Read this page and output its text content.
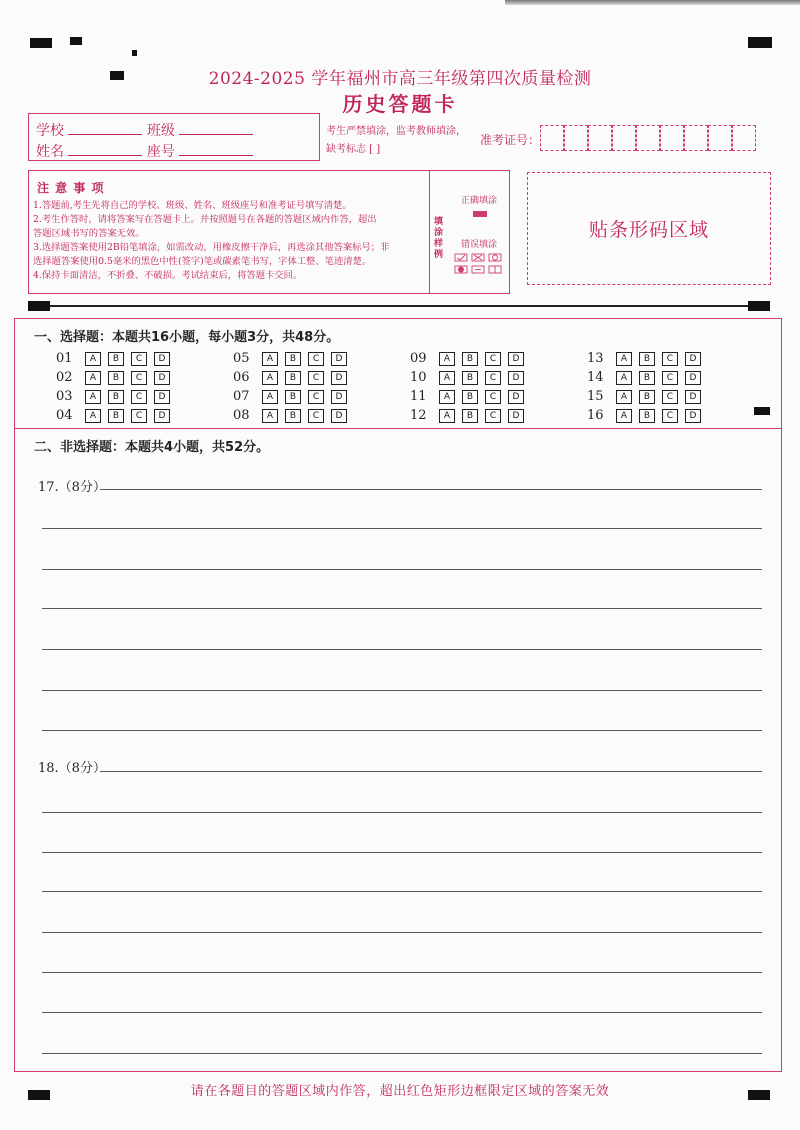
2024-2025 学年福州市高三年级第四次质量检测
历史答题卡
学校	班级
姓名	座号
考生严禁填涂，监考教师填涂，
缺考标志 [ ]
准考证号：
注 意 事 项
1.答题前,考生先将自己的学校、班级、姓名、班级座号和准考证号填写清楚。
2.考生作答时，请将答案写在答题卡上。并按照题号在各题的答题区域内作答，超出
答题区域书写的答案无效。
3.选择题答案使用2B铅笔填涂，如需改动，用橡皮擦干净后，再选涂其他答案标号；非
选择题答案使用0.5毫米的黑色中性(签字)笔或碳素笔书写，字体工整、笔迹清楚。
4.保持卡面清洁，不折叠、不破损。考试结束后，将答题卡交回。
填涂样例
正确填涂
错误填涂
贴条形码区域
一、选择题：本题共16小题，每小题3分，共48分。
01	A	B	C	D
02	A	B	C	D
03	A	B	C	D
04	A	B	C	D
05	A	B	C	D
06	A	B	C	D
07	A	B	C	D
08	A	B	C	D
09	A	B	C	D
10	A	B	C	D
11	A	B	C	D
12	A	B	C	D
13	A	B	C	D
14	A	B	C	D
15	A	B	C	D
16	A	B	C	D
二、非选择题：本题共4小题，共52分。
17.（8分）
18.（8分）
请在各题目的答题区域内作答，超出红色矩形边框限定区域的答案无效
